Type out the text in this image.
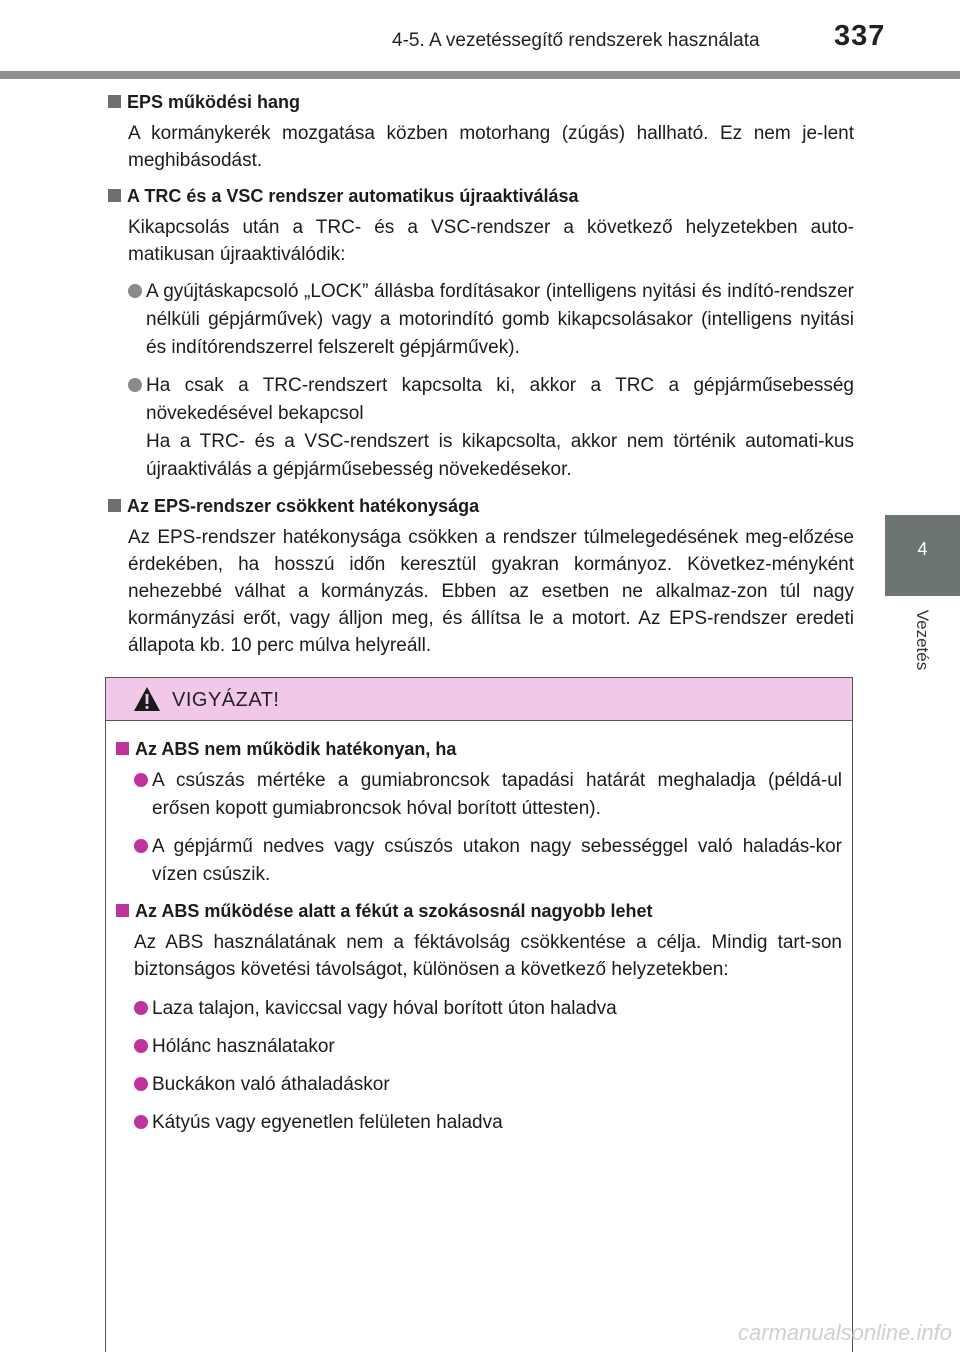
4-5. A vezetéssegítő rendszerek használata	337
4
Vezetés
EPS működési hang
A kormánykerék mozgatása közben motorhang (zúgás) hallható. Ez nem je-lent meghibásodást.
A TRC és a VSC rendszer automatikus újraaktiválása
Kikapcsolás után a TRC- és a VSC-rendszer a következő helyzetekben auto-matikusan újraaktiválódik:
A gyújtáskapcsoló „LOCK” állásba fordításakor (intelligens nyitási és indító-rendszer nélküli gépjárművek) vagy a motorindító gomb kikapcsolásakor (intelligens nyitási és indítórendszerrel felszerelt gépjárművek).
Ha csak a TRC-rendszert kapcsolta ki, akkor a TRC a gépjárműsebesség növekedésével bekapcsol
Ha a TRC- és a VSC-rendszert is kikapcsolta, akkor nem történik automati-kus újraaktiválás a gépjárműsebesség növekedésekor.
Az EPS-rendszer csökkent hatékonysága
Az EPS-rendszer hatékonysága csökken a rendszer túlmelegedésének meg-előzése érdekében, ha hosszú időn keresztül gyakran kormányoz. Következ-ményként nehezebbé válhat a kormányzás. Ebben az esetben ne alkalmaz-zon túl nagy kormányzási erőt, vagy álljon meg, és állítsa le a motort. Az EPS-rendszer eredeti állapota kb. 10 perc múlva helyreáll.
VIGYÁZAT!
Az ABS nem működik hatékonyan, ha
A csúszás mértéke a gumiabroncsok tapadási határát meghaladja (példá-ul erősen kopott gumiabroncsok hóval borított úttesten).
A gépjármű nedves vagy csúszós utakon nagy sebességgel való haladás-kor vízen csúszik.
Az ABS működése alatt a fékút a szokásosnál nagyobb lehet
Az ABS használatának nem a féktávolság csökkentése a célja. Mindig tart-son biztonságos követési távolságot, különösen a következő helyzetekben:
Laza talajon, kaviccsal vagy hóval borított úton haladva
Hólánc használatakor
Buckákon való áthaladáskor
Kátyús vagy egyenetlen felületen haladva
carmanualsonline.info
